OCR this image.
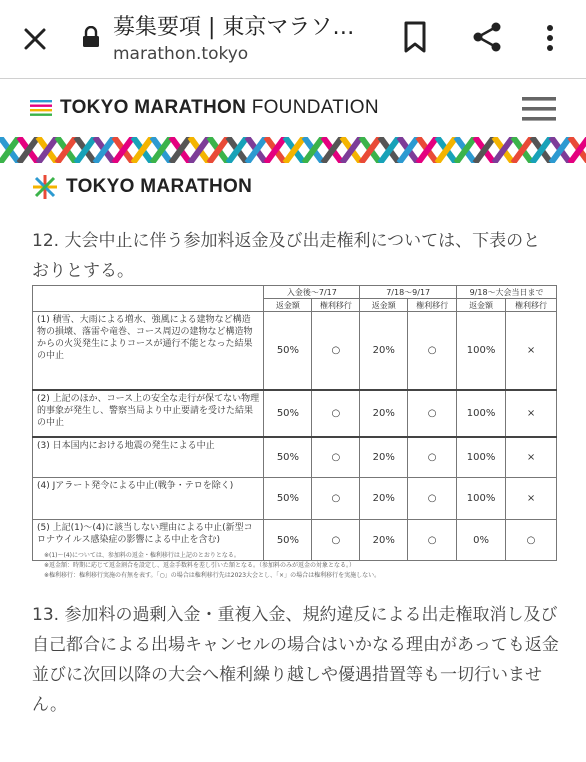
募集要項 | 東京マラソ…
marathon.tokyo
TOKYO MARATHON FOUNDATION
TOKYO MARATHON
12. 大会中止に伴う参加料返金及び出走権利については、下表のとおりとする。
	入金後〜7/17		7/18〜9/17		9/18〜大会当日まで	
	返金額	権利移行	返金額	権利移行	返金額	権利移行
(1) 積雪、大雨による増水、強風による建物など構造物の損壊、落雷や竜巻、コース周辺の建物など構造物からの火災発生によりコースが通行不能となった結果の中止	50%	○	20%	○	100%	×
(2) 上記のほか、コース上の安全な走行が保てない物理的事象が発生し、警察当局より中止要請を受けた結果の中止	50%	○	20%	○	100%	×
(3) 日本国内における地震の発生による中止	50%	○	20%	○	100%	×
(4) Jアラート発令による中止(戦争・テロを除く)	50%	○	20%	○	100%	×
(5) 上記(1)〜(4)に該当しない理由による中止(新型コロナウイルス感染症の影響による中止を含む)	50%	○	20%	○	0%	○
※(1)〜(4)については、参加料の返金・権利移行は上記のとおりとなる。
※返金額：時期に応じて返金割合を設定し、返金手数料を差し引いた額となる。（参加料のみが返金の対象となる。）
※権利移行：権利移行実施の有無を表す。「○」の場合は権利移行先は2023大会とし、「×」の場合は権利移行を実施しない。
13. 参加料の過剰入金・重複入金、規約違反による出走権取消し及び自己都合による出場キャンセルの場合はいかなる理由があっても返金並びに次回以降の大会へ権利繰り越しや優遇措置等も一切行いません。
